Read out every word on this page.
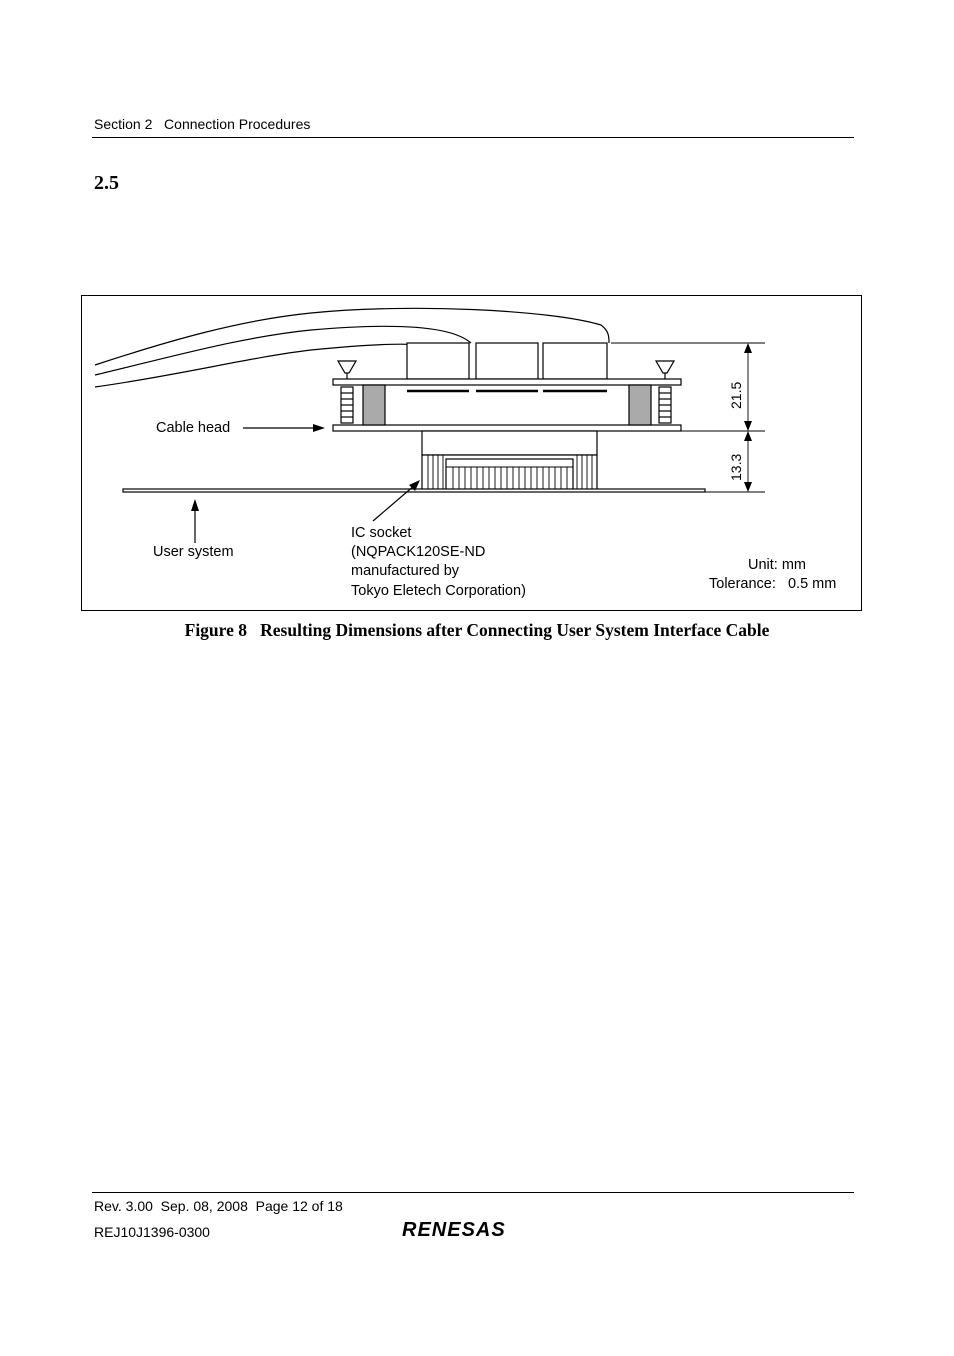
Section 2   Connection Procedures
2.5
21.5
13.3
Cable head
User system
IC socket
(NQPACK120SE-ND
manufactured by
Tokyo Eletech Corporation)
Unit: mm
Tolerance:   0.5 mm
Figure 8   Resulting Dimensions after Connecting User System Interface Cable
Rev. 3.00  Sep. 08, 2008  Page 12 of 18
REJ10J1396-0300	RENESAS
